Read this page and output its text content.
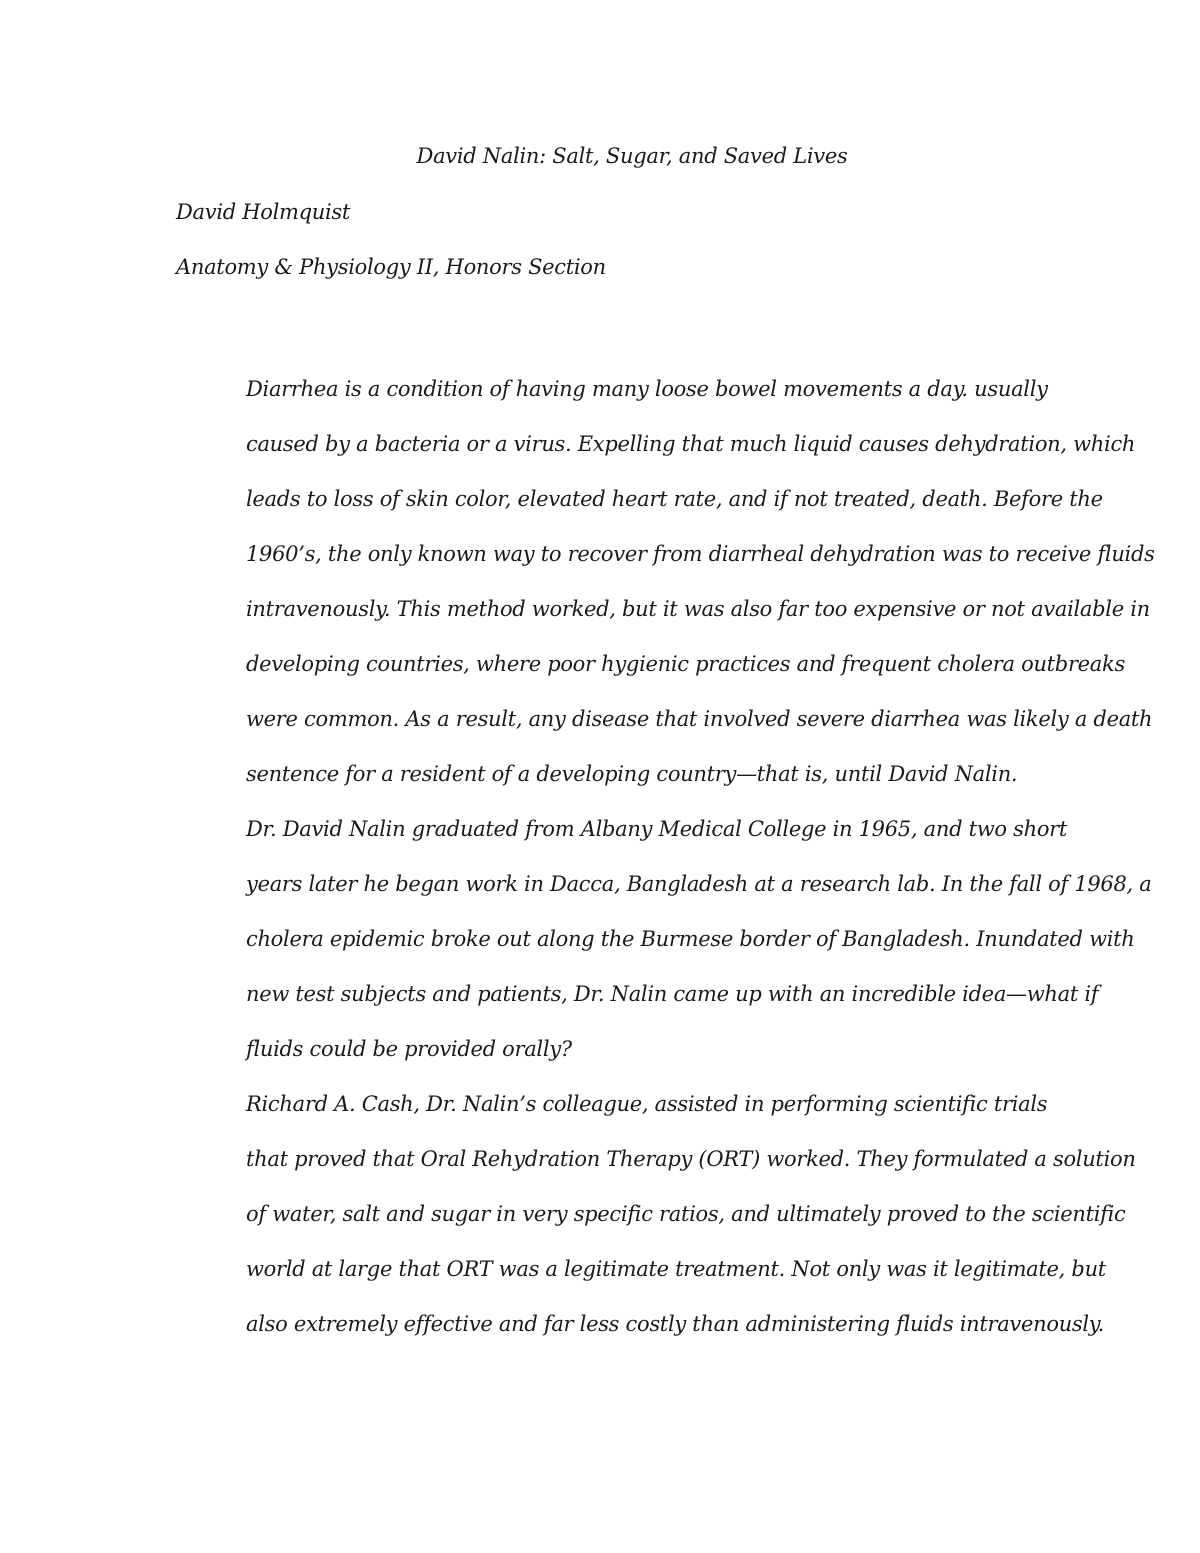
David Nalin: Salt, Sugar, and Saved Lives
David Holmquist
Anatomy & Physiology II, Honors Section

Diarrhea is a condition of having many loose bowel movements a day. usually
caused by a bacteria or a virus. Expelling that much liquid causes dehydration, which
leads to loss of skin color, elevated heart rate, and if not treated, death. Before the
1960’s, the only known way to recover from diarrheal dehydration was to receive fluids
intravenously. This method worked, but it was also far too expensive or not available in
developing countries, where poor hygienic practices and frequent cholera outbreaks
were common. As a result, any disease that involved severe diarrhea was likely a death
sentence for a resident of a developing country—that is, until David Nalin.

Dr. David Nalin graduated from Albany Medical College in 1965, and two short
years later he began work in Dacca, Bangladesh at a research lab. In the fall of 1968, a
cholera epidemic broke out along the Burmese border of Bangladesh. Inundated with
new test subjects and patients, Dr. Nalin came up with an incredible idea—what if
fluids could be provided orally?

Richard A. Cash, Dr. Nalin’s colleague, assisted in performing scientific trials
that proved that Oral Rehydration Therapy (ORT) worked. They formulated a solution
of water, salt and sugar in very specific ratios, and ultimately proved to the scientific
world at large that ORT was a legitimate treatment. Not only was it legitimate, but
also extremely effective and far less costly than administering fluids intravenously.
